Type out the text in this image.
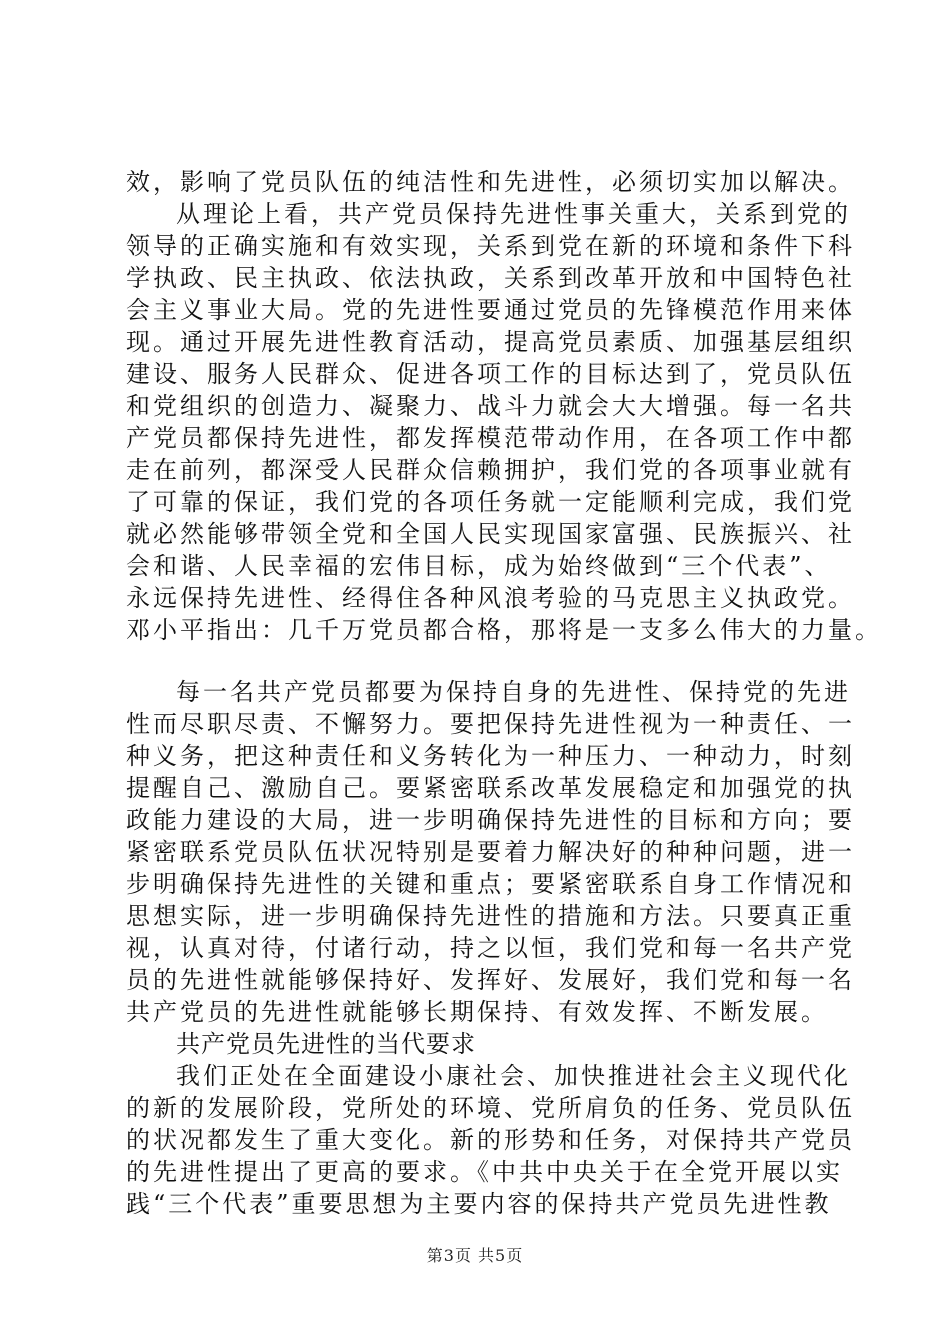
效，影响了党员队伍的纯洁性和先进性，必须切实加以解决。
从理论上看，共产党员保持先进性事关重大，关系到党的
领导的正确实施和有效实现，关系到党在新的环境和条件下科
学执政、民主执政、依法执政，关系到改革开放和中国特色社
会主义事业大局。党的先进性要通过党员的先锋模范作用来体
现。通过开展先进性教育活动，提高党员素质、加强基层组织
建设、服务人民群众、促进各项工作的目标达到了，党员队伍
和党组织的创造力、凝聚力、战斗力就会大大增强。每一名共
产党员都保持先进性，都发挥模范带动作用，在各项工作中都
走在前列，都深受人民群众信赖拥护，我们党的各项事业就有
了可靠的保证，我们党的各项任务就一定能顺利完成，我们党
就必然能够带领全党和全国人民实现国家富强、民族振兴、社
会和谐、人民幸福的宏伟目标，成为始终做到“三个代表”、
永远保持先进性、经得住各种风浪考验的马克思主义执政党。
邓小平指出：几千万党员都合格，那将是一支多么伟大的力量。
每一名共产党员都要为保持自身的先进性、保持党的先进
性而尽职尽责、不懈努力。要把保持先进性视为一种责任、一
种义务，把这种责任和义务转化为一种压力、一种动力，时刻
提醒自己、激励自己。要紧密联系改革发展稳定和加强党的执
政能力建设的大局，进一步明确保持先进性的目标和方向；要
紧密联系党员队伍状况特别是要着力解决好的种种问题，进一
步明确保持先进性的关键和重点；要紧密联系自身工作情况和
思想实际，进一步明确保持先进性的措施和方法。只要真正重
视，认真对待，付诸行动，持之以恒，我们党和每一名共产党
员的先进性就能够保持好、发挥好、发展好，我们党和每一名
共产党员的先进性就能够长期保持、有效发挥、不断发展。
共产党员先进性的当代要求
我们正处在全面建设小康社会、加快推进社会主义现代化
的新的发展阶段，党所处的环境、党所肩负的任务、党员队伍
的状况都发生了重大变化。新的形势和任务，对保持共产党员
的先进性提出了更高的要求。《中共中央关于在全党开展以实
践“三个代表”重要思想为主要内容的保持共产党员先进性教
第3页 共5页
